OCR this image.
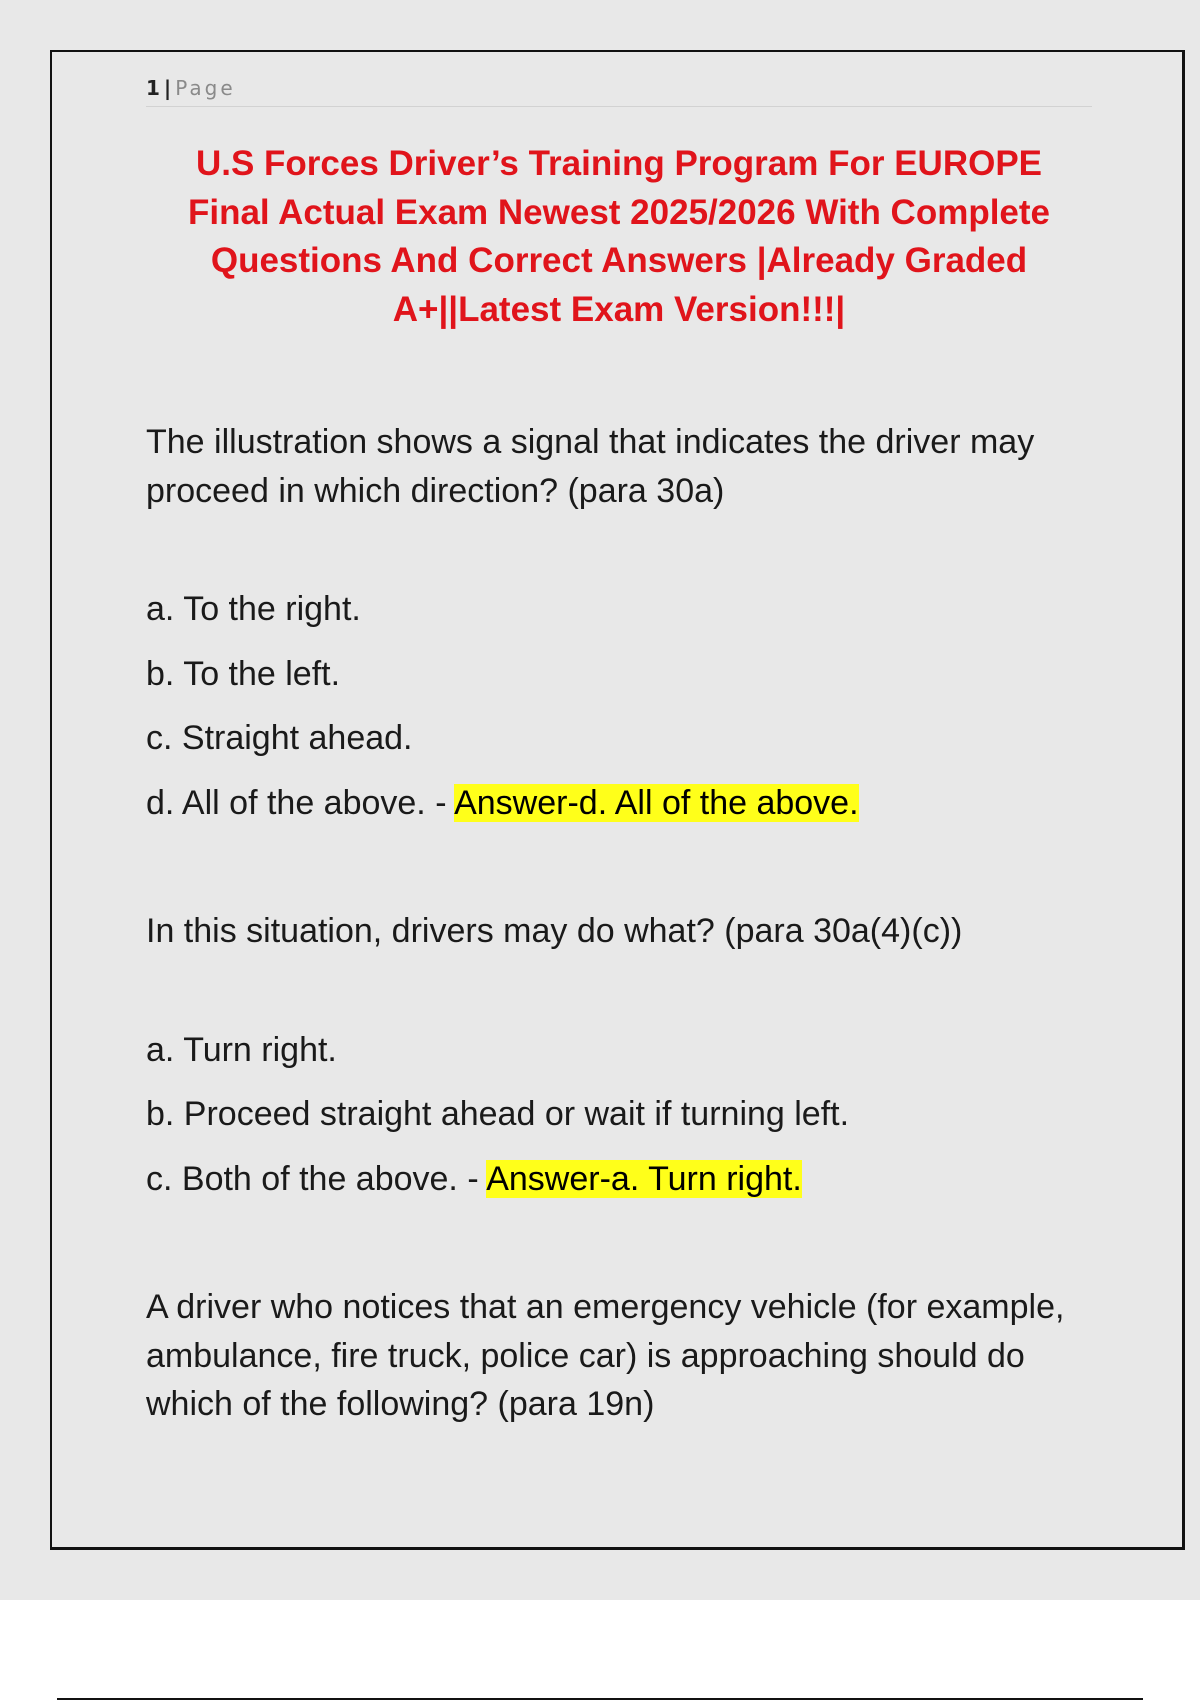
1 | Page
U.S Forces Driver’s Training Program For EUROPE
Final Actual Exam Newest 2025/2026 With Complete
Questions And Correct Answers |Already Graded
A+||Latest Exam Version!!!|

The illustration shows a signal that indicates the driver may proceed in which direction? (para 30a)

a. To the right.
b. To the left.
c. Straight ahead.
d. All of the above. - Answer-d. All of the above.

In this situation, drivers may do what? (para 30a(4)(c))

a. Turn right.
b. Proceed straight ahead or wait if turning left.
c. Both of the above. - Answer-a. Turn right.

A driver who notices that an emergency vehicle (for example, ambulance, fire truck, police car) is approaching should do which of the following? (para 19n)
